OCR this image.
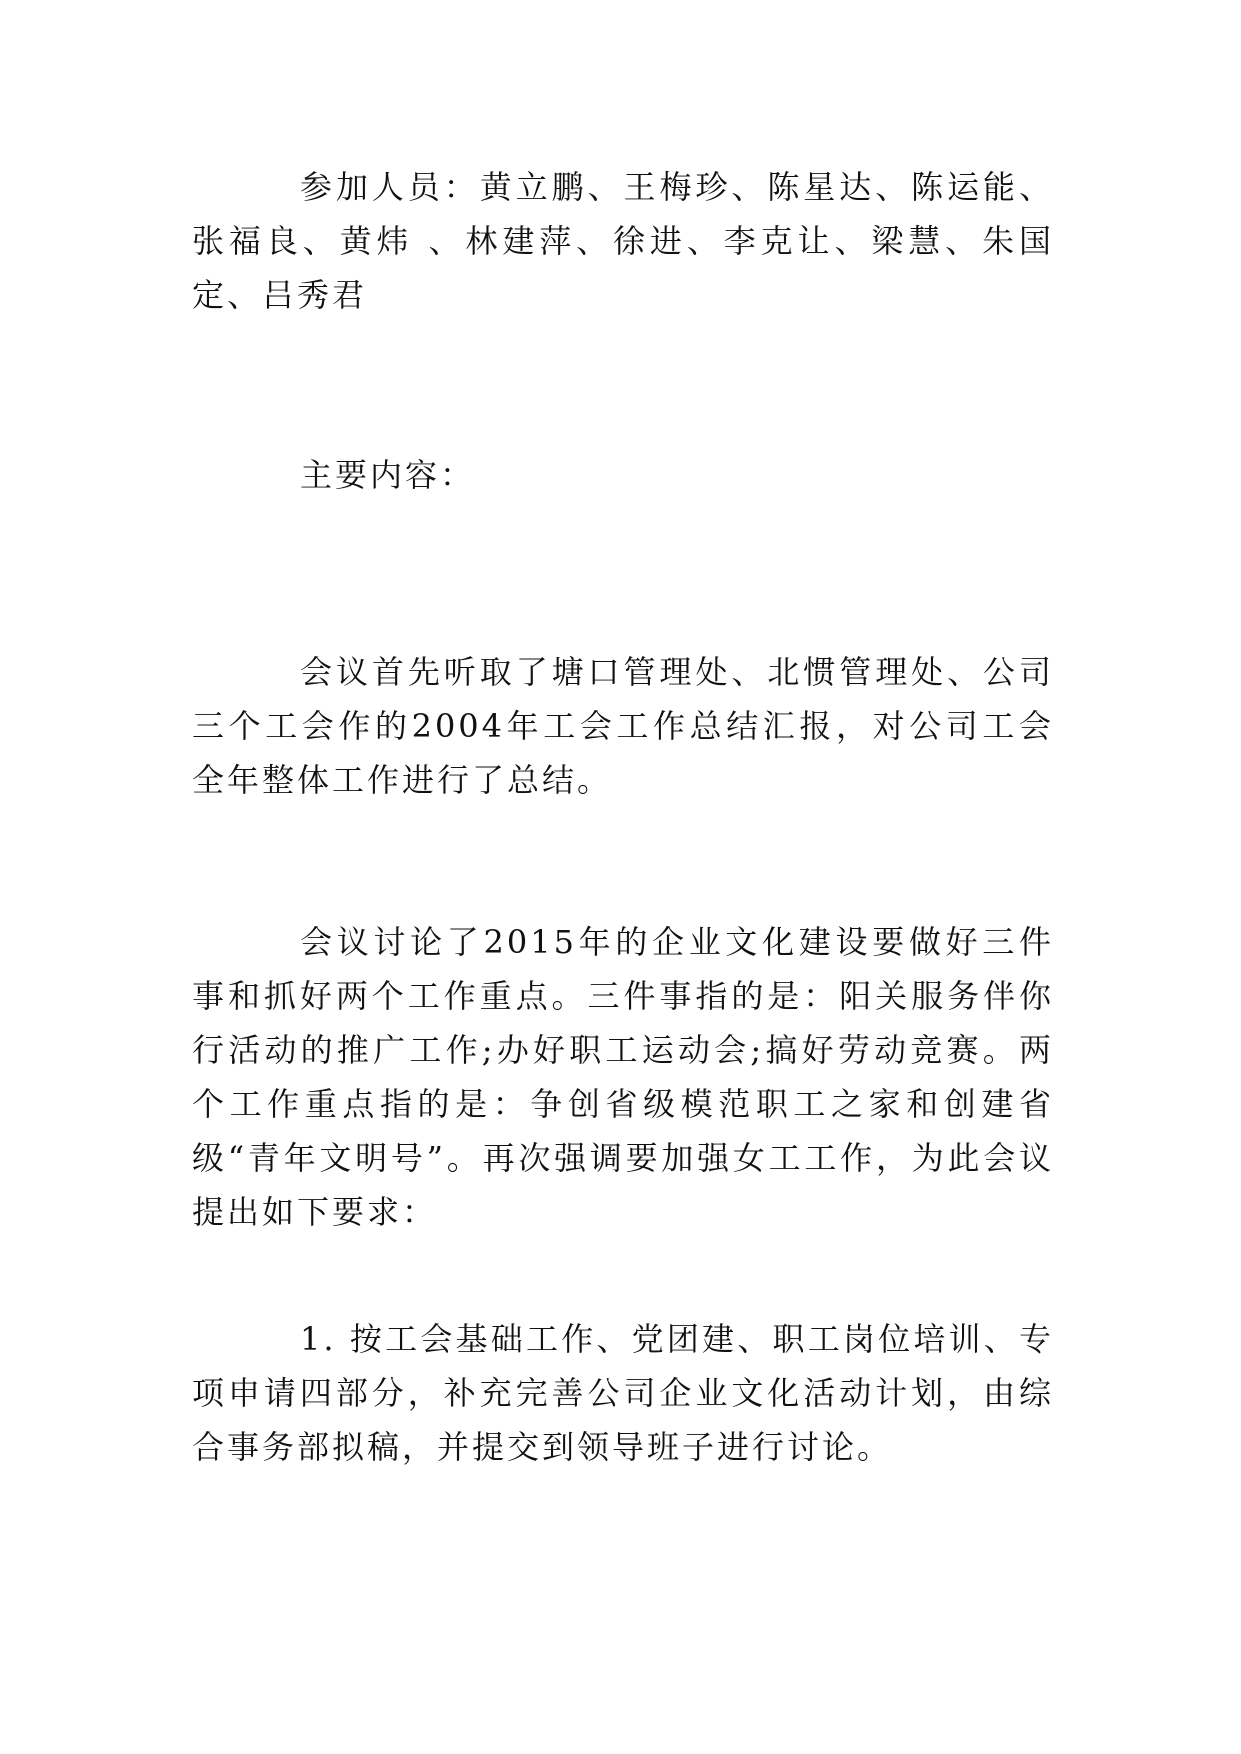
参加人员：黄立鹏、王梅珍、陈星达、陈运能、张福良、黄炜 、林建萍、徐进、李克让、梁慧、朱国定、吕秀君

主要内容：

会议首先听取了塘口管理处、北惯管理处、公司三个工会作的2004年工会工作总结汇报，对公司工会全年整体工作进行了总结。

会议讨论了2015年的企业文化建设要做好三件事和抓好两个工作重点。三件事指的是：阳关服务伴你行活动的推广工作;办好职工运动会;搞好劳动竞赛。两个工作重点指的是：争创省级模范职工之家和创建省级“青年文明号”。再次强调要加强女工工作，为此会议提出如下要求：

1. 按工会基础工作、党团建、职工岗位培训、专项申请四部分，补充完善公司企业文化活动计划，由综合事务部拟稿，并提交到领导班子进行讨论。
